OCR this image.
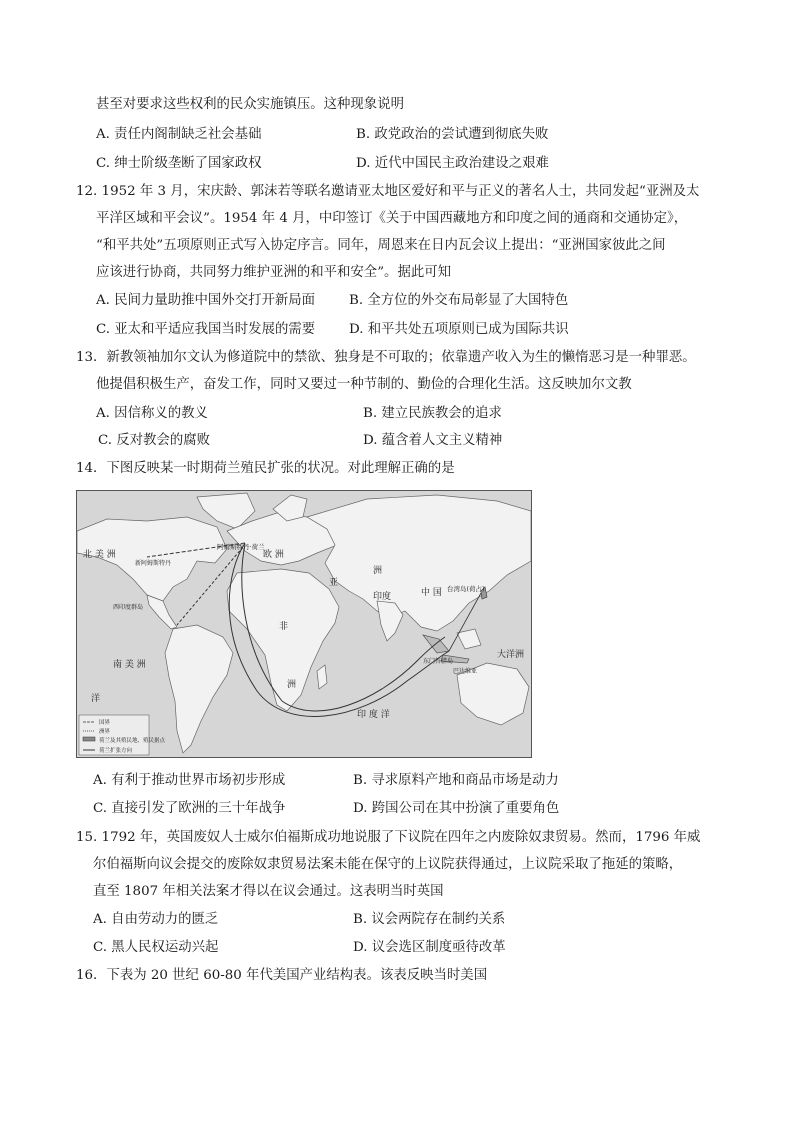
甚至对要求这些权利的民众实施镇压。这种现象说明
A. 责任内阁制缺乏社会基础	B. 政党政治的尝试遭到彻底失败
C. 绅士阶级垄断了国家政权	D. 近代中国民主政治建设之艰难
12. 1952 年 3 月，宋庆龄、郭沫若等联名邀请亚太地区爱好和平与正义的著名人士，共同发起“亚洲及太
平洋区域和平会议”。1954 年 4 月，中印签订《关于中国西藏地方和印度之间的通商和交通协定》，
“和平共处”五项原则正式写入协定序言。同年，周恩来在日内瓦会议上提出：“亚洲国家彼此之间
应该进行协商，共同努力维护亚洲的和平和安全”。据此可知
A. 民间力量助推中国外交打开新局面	B. 全方位的外交布局彰显了大国特色
C. 亚太和平适应我国当时发展的需要	D. 和平共处五项原则已成为国际共识
13．新教领袖加尔文认为修道院中的禁欲、独身是不可取的；依靠遗产收入为生的懒惰恶习是一种罪恶。
他提倡积极生产，奋发工作，同时又要过一种节制的、勤俭的合理化生活。这反映加尔文教
A. 因信称义的教义	B. 建立民族教会的追求
C. 反对教会的腐败	D. 蕴含着人文主义精神
14．下图反映某一时期荷兰殖民扩张的状况。对此理解正确的是
北 美 洲
新阿姆斯特丹
西印度群岛
南 美 洲
阿姆斯特丹·荷兰
欧 洲
亚
洲
中 国
印度
台湾岛(荷占)
非
洲
印 度 洋
大洋洲
东门答腊岛
巴达维亚
洋
国界
洲界
荷兰及其殖民地、殖民据点
荷兰扩张方向
A. 有利于推动世界市场初步形成	B. 寻求原料产地和商品市场是动力
C. 直接引发了欧洲的三十年战争	D. 跨国公司在其中扮演了重要角色
15. 1792 年，英国废奴人士威尔伯福斯成功地说服了下议院在四年之内废除奴隶贸易。然而，1796 年威
尔伯福斯向议会提交的废除奴隶贸易法案未能在保守的上议院获得通过，上议院采取了拖延的策略，
直至 1807 年相关法案才得以在议会通过。这表明当时英国
A. 自由劳动力的匮乏	B. 议会两院存在制约关系
C. 黑人民权运动兴起	D. 议会选区制度亟待改革
16．下表为 20 世纪 60-80 年代美国产业结构表。该表反映当时美国
